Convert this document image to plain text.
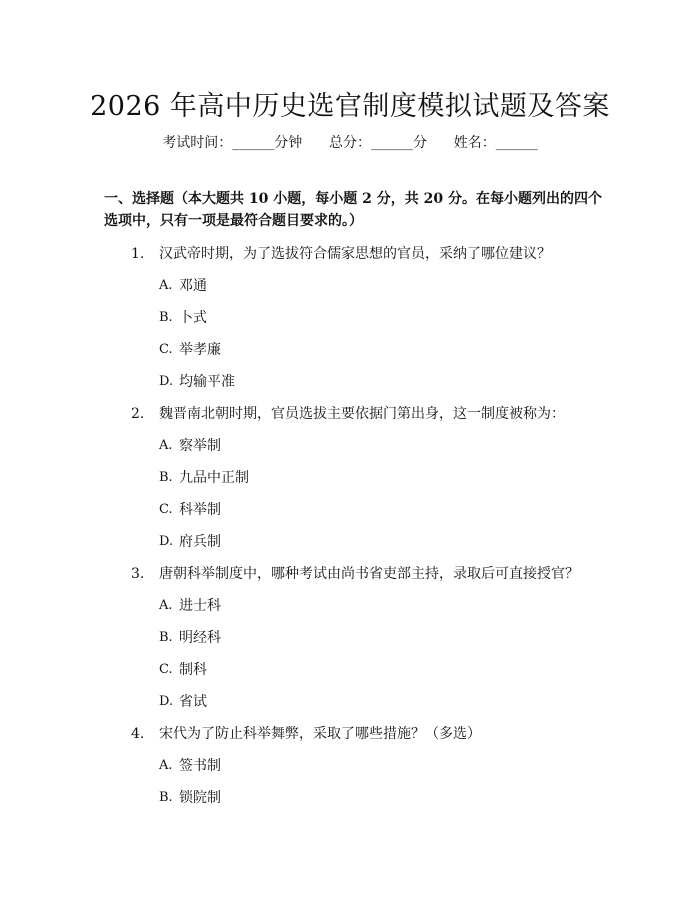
2026 年高中历史选官制度模拟试题及答案
考试时间：______分钟      总分：______分      姓名：______
一、选择题（本大题共 10 小题，每小题 2 分，共 20 分。在每小题列出的四个选项中，只有一项是最符合题目要求的。）
1. 汉武帝时期，为了选拔符合儒家思想的官员，采纳了哪位建议？
A. 邓通
B. 卜式
C. 举孝廉
D. 均输平准
2. 魏晋南北朝时期，官员选拔主要依据门第出身，这一制度被称为：
A. 察举制
B. 九品中正制
C. 科举制
D. 府兵制
3. 唐朝科举制度中，哪种考试由尚书省吏部主持，录取后可直接授官？
A. 进士科
B. 明经科
C. 制科
D. 省试
4. 宋代为了防止科举舞弊，采取了哪些措施？（多选）
A. 签书制
B. 锁院制
